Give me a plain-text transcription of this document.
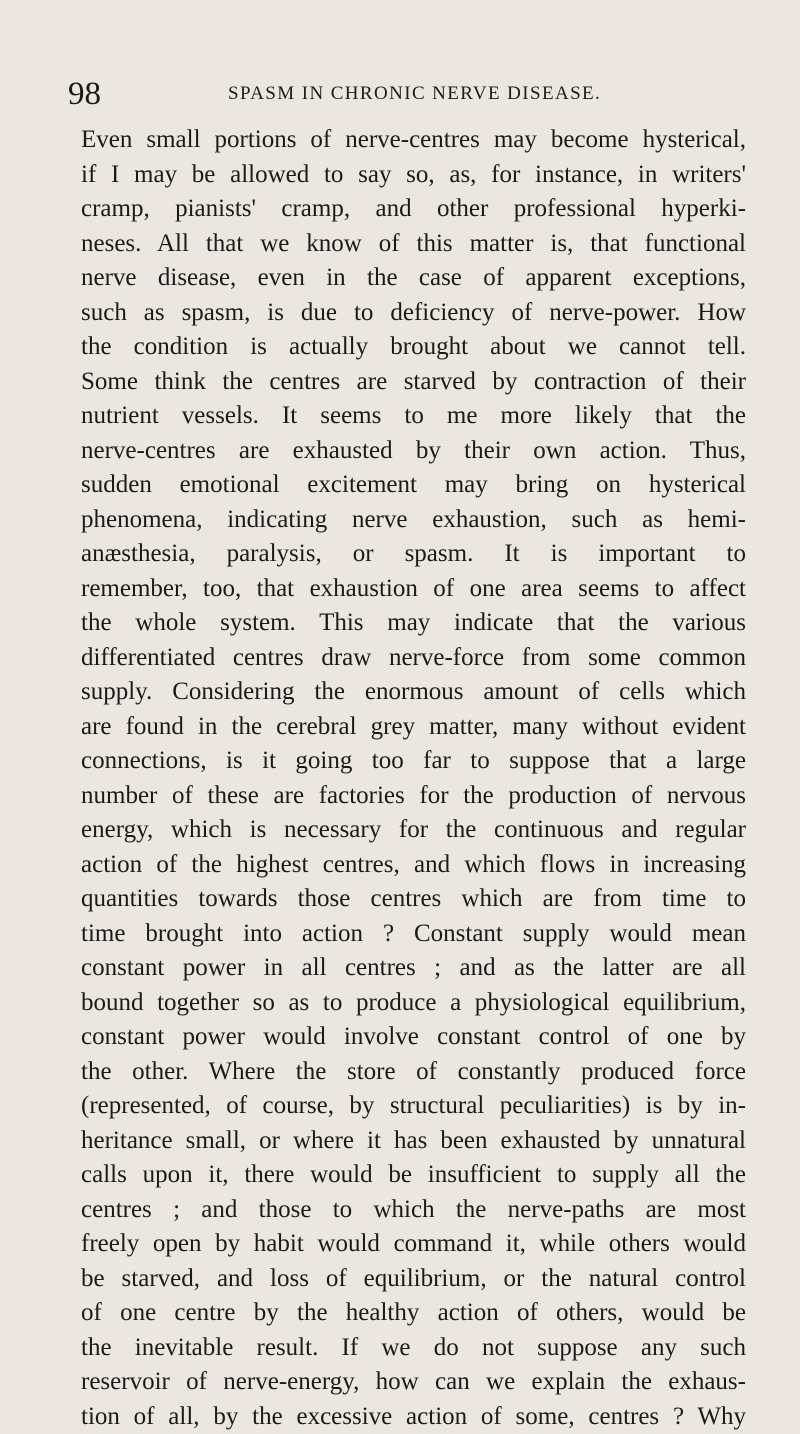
98	SPASM IN CHRONIC NERVE DISEASE.
Even small portions of nerve-centres may become hysterical,
if I may be allowed to say so, as, for instance, in writers'
cramp, pianists' cramp, and other professional hyperki-
neses. All that we know of this matter is, that functional
nerve disease, even in the case of apparent exceptions,
such as spasm, is due to deficiency of nerve-power. How
the condition is actually brought about we cannot tell.
Some think the centres are starved by contraction of their
nutrient vessels. It seems to me more likely that the
nerve-centres are exhausted by their own action. Thus,
sudden emotional excitement may bring on hysterical
phenomena, indicating nerve exhaustion, such as hemi-
anæsthesia, paralysis, or spasm. It is important to
remember, too, that exhaustion of one area seems to affect
the whole system. This may indicate that the various
differentiated centres draw nerve-force from some common
supply. Considering the enormous amount of cells which
are found in the cerebral grey matter, many without evident
connections, is it going too far to suppose that a large
number of these are factories for the production of nervous
energy, which is necessary for the continuous and regular
action of the highest centres, and which flows in increasing
quantities towards those centres which are from time to
time brought into action ? Constant supply would mean
constant power in all centres ; and as the latter are all
bound together so as to produce a physiological equilibrium,
constant power would involve constant control of one by
the other. Where the store of constantly produced force
(represented, of course, by structural peculiarities) is by in-
heritance small, or where it has been exhausted by unnatural
calls upon it, there would be insufficient to supply all the
centres ; and those to which the nerve-paths are most
freely open by habit would command it, while others would
be starved, and loss of equilibrium, or the natural control
of one centre by the healthy action of others, would be
the inevitable result. If we do not suppose any such
reservoir of nerve-energy, how can we explain the exhaus-
tion of all, by the excessive action of some, centres ? Why
